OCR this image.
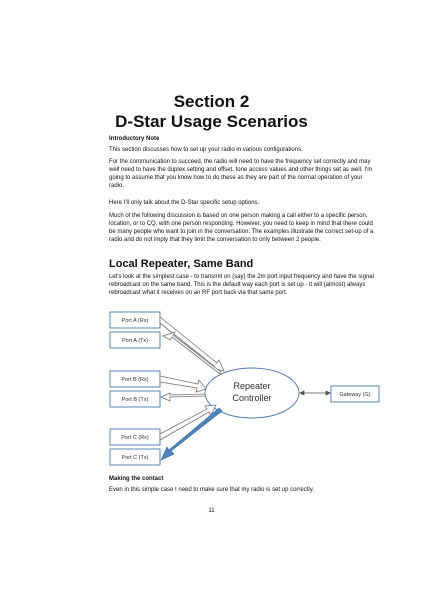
Section 2
D-Star Usage Scenarios

Introductory Note

This section discusses how to set up your radio in various configurations.

For the communication to succeed, the radio will need to have the frequency set correctly and may well need to have the duplex setting and offset, tone access values and other things set as well. I'm going to assume that you know how to do these as they are part of the normal operation of your radio.

Here I'll only talk about the D-Star specific setup options.

Much of the following discussion is based on one person making a call either to a specific person, location, or to CQ, with one person responding. However, you need to keep in mind that there could be many people who want to join in the conversation. The examples illustrate the correct set-up of a radio and do not imply that they limit the conversation to only between 2 people.

Local Repeater, Same Band

Let's look at the simplest case - to transmit on (say) the 2m port input frequency and have the signal rebroadcast on the same band. This is the default way each port is set up - it will (almost) always rebroadcast what it receives on an RF port back via that same port.

Port A (Rx)
Port A (Tx)
Port B (Rx)
Port B (Tx)
Port C (Rx)
Port C (Tx)
Gateway (G)
Repeater
Controller

Making the contact

Even in this simple case I need to make sure that my radio is set up correctly.

11
